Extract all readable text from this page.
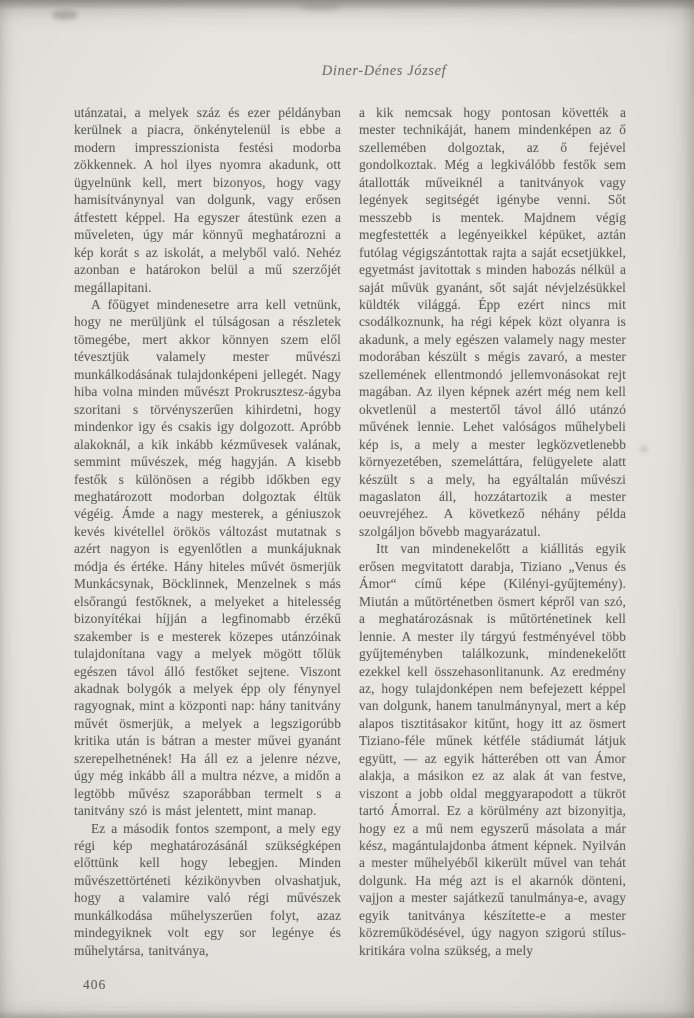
Diner-Dénes József

utánzatai, a melyek száz és ezer példányban kerülnek a piacra, önkénytelenül is ebbe a modern impresszionista festési modorba zökkennek. A hol ilyes nyomra akadunk, ott ügyelnünk kell, mert bizonyos, hogy vagy hamisítványnyal van dolgunk, vagy erősen átfestett képpel. Ha egyszer átestünk ezen a műveleten, úgy már könnyű meghatározni a kép korát s az iskolát, a melyből való. Nehéz azonban e határokon belül a mű szerzőjét megállapitani.

A főügyet mindenesetre arra kell vetnünk, hogy ne merüljünk el túlságosan a részletek tömegébe, mert akkor könnyen szem elől tévesztjük valamely mester művészi munkálkodásának tulajdonképeni jellegét. Nagy hiba volna minden művészt Prokrusztesz-ágyba szoritani s törvényszerűen kihirdetni, hogy mindenkor igy és csakis igy dolgozott. Apróbb alakoknál, a kik inkább kézművesek valának, semmint művészek, még hagyján. A kisebb festők s különösen a régibb időkben egy meghatározott modorban dolgoztak éltük végéig. Ámde a nagy mesterek, a géniuszok kevés kivétellel örökös változást mutatnak s azért nagyon is egyenlőtlen a munkájuknak módja és értéke. Hány hiteles művét ösmerjük Munkácsynak, Böcklinnek, Menzelnek s más elsőrangú festőknek, a melyeket a hitelesség bizonyítékai híjján a legfinomabb érzékű szakember is e mesterek közepes utánzóinak tulajdonítana vagy a melyek mögött tőlük egészen távol álló festőket sejtene. Viszont akadnak bolygók a melyek épp oly fénynyel ragyognak, mint a központi nap: hány tanitvány művét ösmerjük, a melyek a legszigorúbb kritika után is bátran a mester művei gyanánt szerepelhetnének! Ha áll ez a jelenre nézve, úgy még inkább áll a multra nézve, a midőn a legtöbb művész szaporábban termelt s a tanitvány szó is mást jelentett, mint manap.

Ez a második fontos szempont, a mely egy régi kép meghatározásánál szükségképen előttünk kell hogy lebegjen. Minden művészettörténeti kézikönyvben olvashatjuk, hogy a valamire való régi művészek munkálkodása műhelyszerűen folyt, azaz mindegyiknek volt egy sor legénye és műhelytársa, tanitványa,

a kik nemcsak hogy pontosan követték a mester technikáját, hanem mindenképen az ő szellemében dolgoztak, az ő fejével gondolkoztak. Még a legkiválóbb festők sem átallották műveiknél a tanitványok vagy legények segitségét igénybe venni. Sőt messzebb is mentek. Majdnem végig megfestették a legényeikkel képüket, aztán futólag végigszántottak rajta a saját ecsetjükkel, egyetmást javitottak s minden habozás nélkül a saját művük gyanánt, sőt saját névjelzésükkel küldték világgá. Épp ezért nincs mit csodálkoznunk, ha régi képek közt olyanra is akadunk, a mely egészen valamely nagy mester modorában készült s mégis zavaró, a mester szellemének ellentmondó jellemvonásokat rejt magában. Az ilyen képnek azért még nem kell okvetlenül a mestertől távol álló utánzó művének lennie. Lehet valóságos műhelybeli kép is, a mely a mester legközvetlenebb környezetében, szemeláttára, felügyelete alatt készült s a mely, ha egyáltalán művészi magaslaton áll, hozzátartozik a mester oeuvrejéhez. A következő néhány példa szolgáljon bővebb magyarázatul.

Itt van mindenekelőtt a kiállitás egyik erősen megvitatott darabja, Tiziano „Venus és Ámor“ című képe (Kilényi-gyűjtemény). Miután a műtörténetben ösmert képről van szó, a meghatározásnak is műtörténetinek kell lennie. A mester ily tárgyú festményével több gyűjteményben találkozunk, mindenekelőtt ezekkel kell összehasonlitanunk. Az eredmény az, hogy tulajdonképen nem befejezett képpel van dolgunk, hanem tanulmánynyal, mert a kép alapos tisztitásakor kitűnt, hogy itt az ösmert Tiziano-féle műnek kétféle stádiumát látjuk együtt, — az egyik hátterében ott van Ámor alakja, a másikon ez az alak át van festve, viszont a jobb oldal meggyarapodott a tükröt tartó Ámorral. Ez a körülmény azt bizonyitja, hogy ez a mű nem egyszerű másolata a már kész, magántulajdonba átment képnek. Nyilván a mester műhelyéből kikerült művel van tehát dolgunk. Ha még azt is el akarnók dönteni, vajjon a mester sajátkezű tanulmánya-e, avagy egyik tanitványa készítette-e a mester közreműködésével, úgy nagyon szigorú stílus-kritikára volna szükség, a mely

406
